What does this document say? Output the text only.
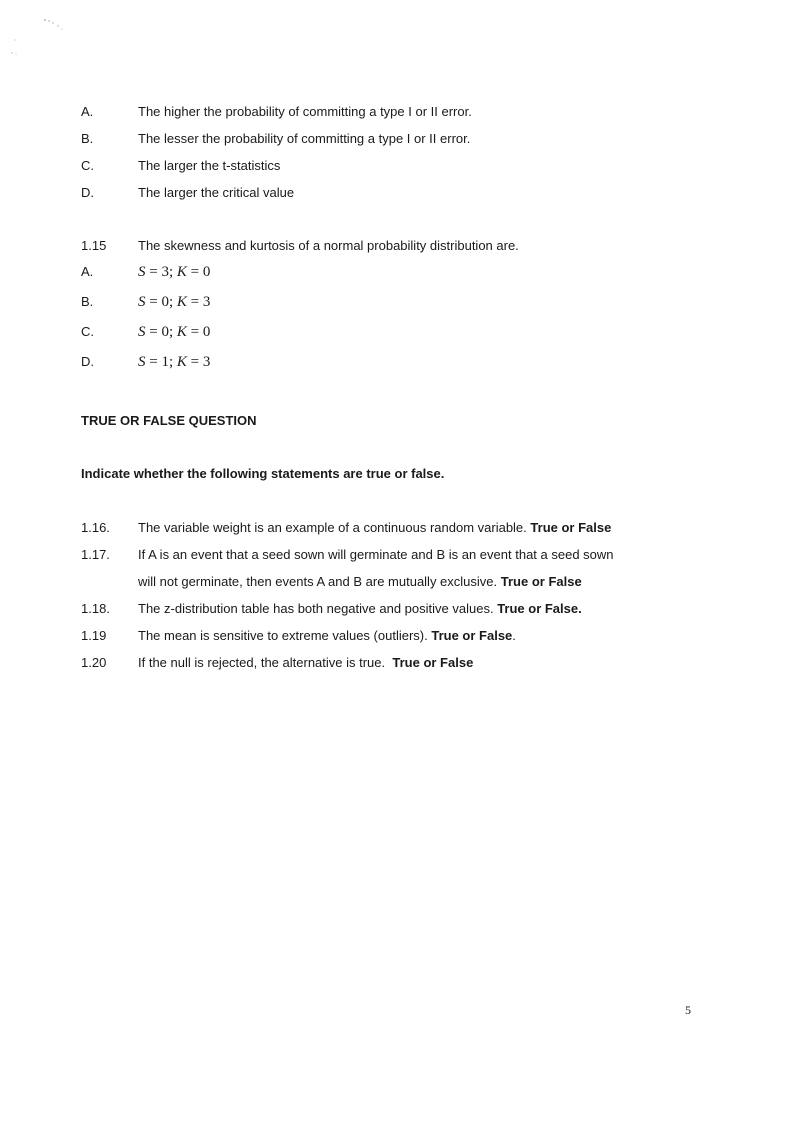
A.	The higher the probability of committing a type I or II error.
B.	The lesser the probability of committing a type I or II error.
C.	The larger the t-statistics
D.	The larger the critical value
1.15 The skewness and kurtosis of a normal probability distribution are.
A.	S = 3; K = 0
B.	S = 0; K = 3
C.	S = 0; K = 0
D.	S = 1; K = 3
TRUE OR FALSE QUESTION
Indicate whether the following statements are true or false.
1.16. The variable weight is an example of a continuous random variable. True or False
1.17. If A is an event that a seed sown will germinate and B is an event that a seed sown
will not germinate, then events A and B are mutually exclusive. True or False
1.18. The z-distribution table has both negative and positive values. True or False.
1.19 The mean is sensitive to extreme values (outliers). True or False.
1.20 If the null is rejected, the alternative is true.  True or False
5
